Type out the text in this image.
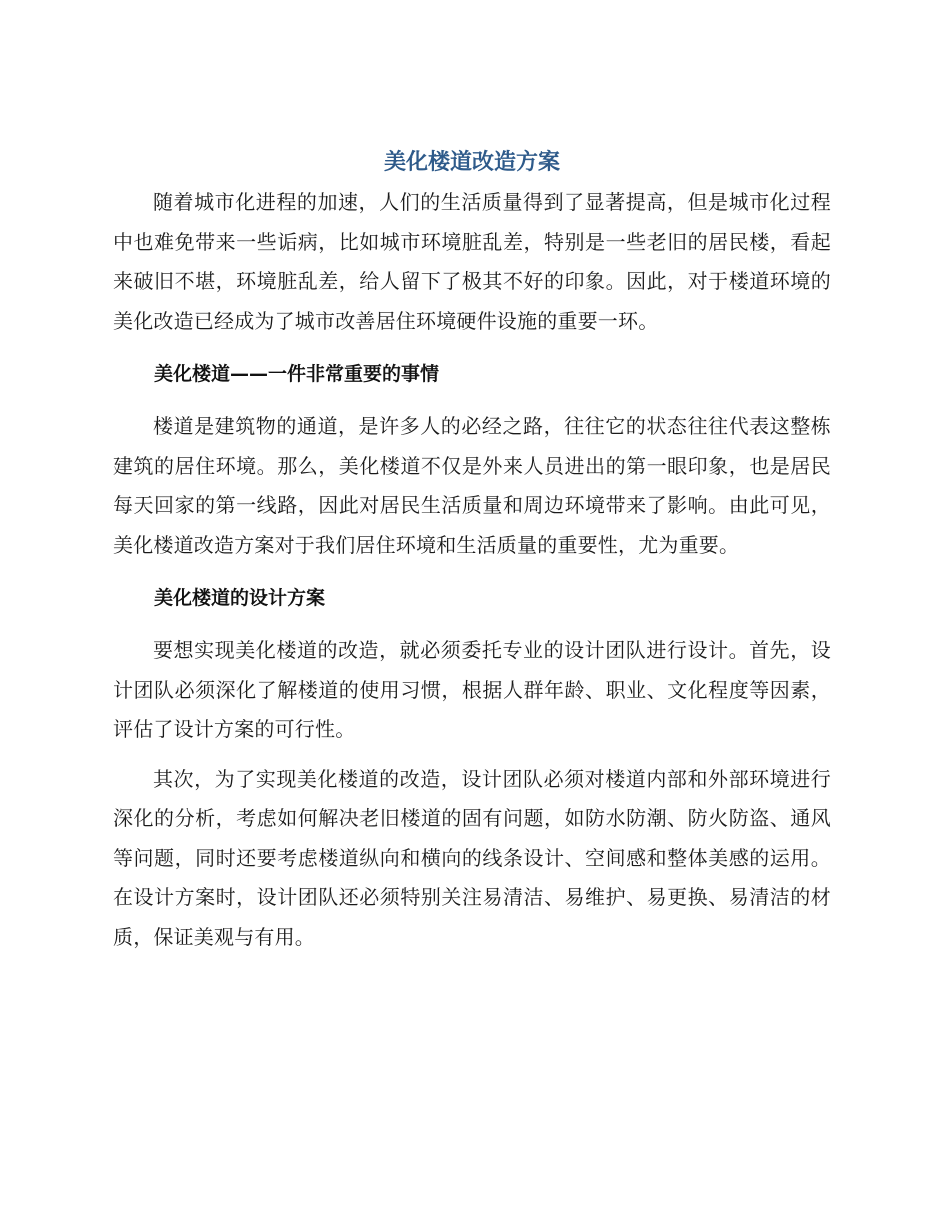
美化楼道改造方案

随着城市化进程的加速，人们的生活质量得到了显著提高，但是城市化过程中也难免带来一些诟病，比如城市环境脏乱差，特别是一些老旧的居民楼，看起来破旧不堪，环境脏乱差，给人留下了极其不好的印象。因此，对于楼道环境的美化改造已经成为了城市改善居住环境硬件设施的重要一环。

美化楼道——一件非常重要的事情

楼道是建筑物的通道，是许多人的必经之路，往往它的状态往往代表这整栋建筑的居住环境。那么，美化楼道不仅是外来人员进出的第一眼印象，也是居民每天回家的第一线路，因此对居民生活质量和周边环境带来了影响。由此可见，美化楼道改造方案对于我们居住环境和生活质量的重要性，尤为重要。

美化楼道的设计方案

要想实现美化楼道的改造，就必须委托专业的设计团队进行设计。首先，设计团队必须深化了解楼道的使用习惯，根据人群年龄、职业、文化程度等因素，评估了设计方案的可行性。

其次，为了实现美化楼道的改造，设计团队必须对楼道内部和外部环境进行深化的分析，考虑如何解决老旧楼道的固有问题，如防水防潮、防火防盗、通风等问题，同时还要考虑楼道纵向和横向的线条设计、空间感和整体美感的运用。在设计方案时，设计团队还必须特别关注易清洁、易维护、易更换、易清洁的材质，保证美观与有用。
